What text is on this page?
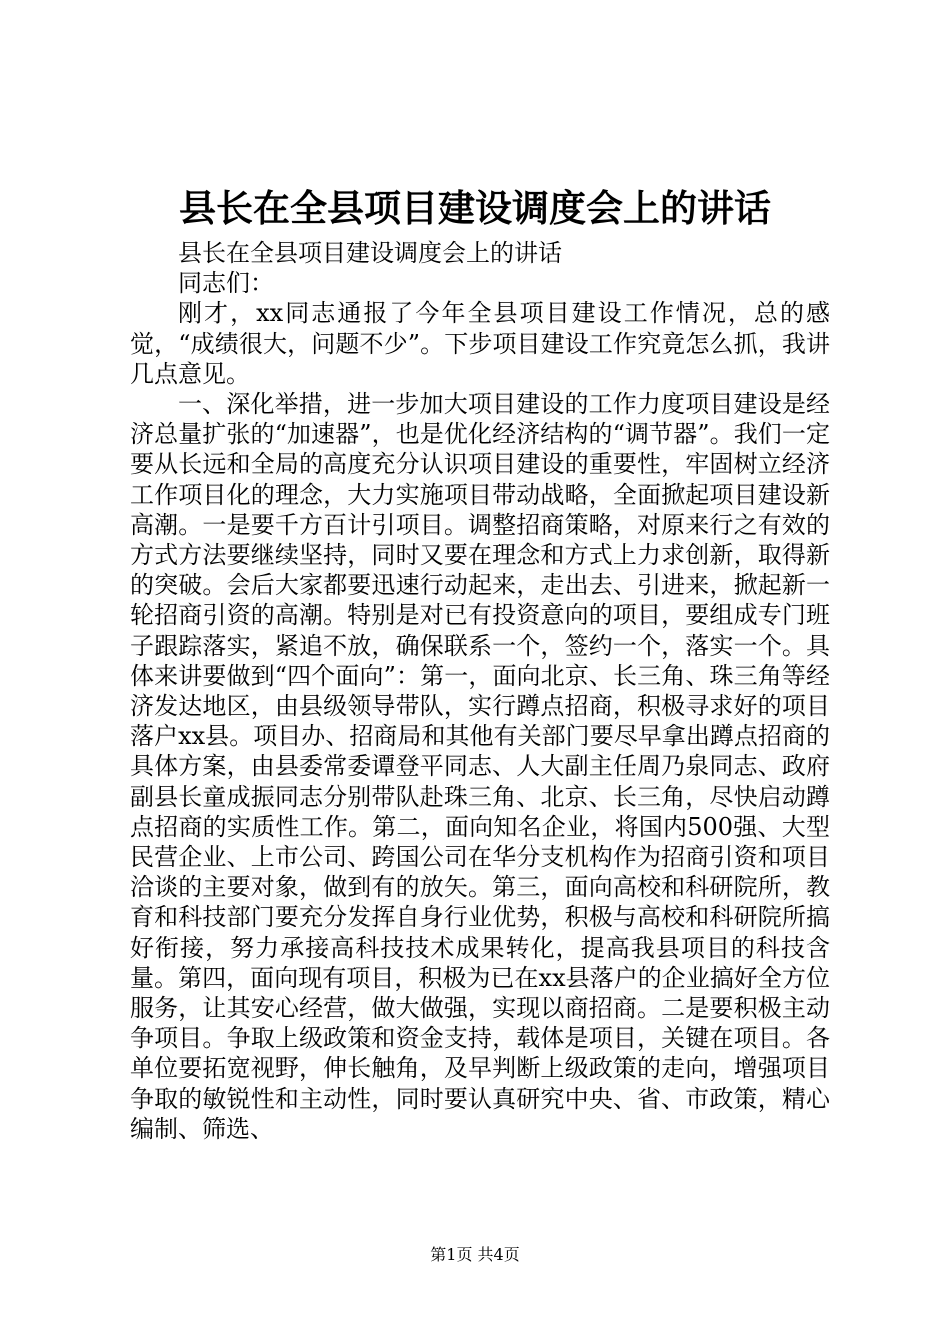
县长在全县项目建设调度会上的讲话

县长在全县项目建设调度会上的讲话

同志们：

刚才，xx同志通报了今年全县项目建设工作情况，总的感觉，“成绩很大，问题不少”。下步项目建设工作究竟怎么抓，我讲几点意见。

一、深化举措，进一步加大项目建设的工作力度项目建设是经济总量扩张的“加速器”，也是优化经济结构的“调节器”。我们一定要从长远和全局的高度充分认识项目建设的重要性，牢固树立经济工作项目化的理念，大力实施项目带动战略，全面掀起项目建设新高潮。一是要千方百计引项目。调整招商策略，对原来行之有效的方式方法要继续坚持，同时又要在理念和方式上力求创新，取得新的突破。会后大家都要迅速行动起来，走出去、引进来，掀起新一轮招商引资的高潮。特别是对已有投资意向的项目，要组成专门班子跟踪落实，紧追不放，确保联系一个，签约一个，落实一个。具体来讲要做到“四个面向”：第一，面向北京、长三角、珠三角等经济发达地区，由县级领导带队，实行蹲点招商，积极寻求好的项目落户xx县。项目办、招商局和其他有关部门要尽早拿出蹲点招商的具体方案，由县委常委谭登平同志、人大副主任周乃泉同志、政府副县长童成振同志分别带队赴珠三角、北京、长三角，尽快启动蹲点招商的实质性工作。第二，面向知名企业，将国内500强、大型民营企业、上市公司、跨国公司在华分支机构作为招商引资和项目洽谈的主要对象，做到有的放矢。第三，面向高校和科研院所，教育和科技部门要充分发挥自身行业优势，积极与高校和科研院所搞好衔接，努力承接高科技技术成果转化，提高我县项目的科技含量。第四，面向现有项目，积极为已在xx县落户的企业搞好全方位服务，让其安心经营，做大做强，实现以商招商。二是要积极主动争项目。争取上级政策和资金支持，载体是项目，关键在项目。各单位要拓宽视野，伸长触角，及早判断上级政策的走向，增强项目争取的敏锐性和主动性，同时要认真研究中央、省、市政策，精心编制、筛选、

第1页 共4页
